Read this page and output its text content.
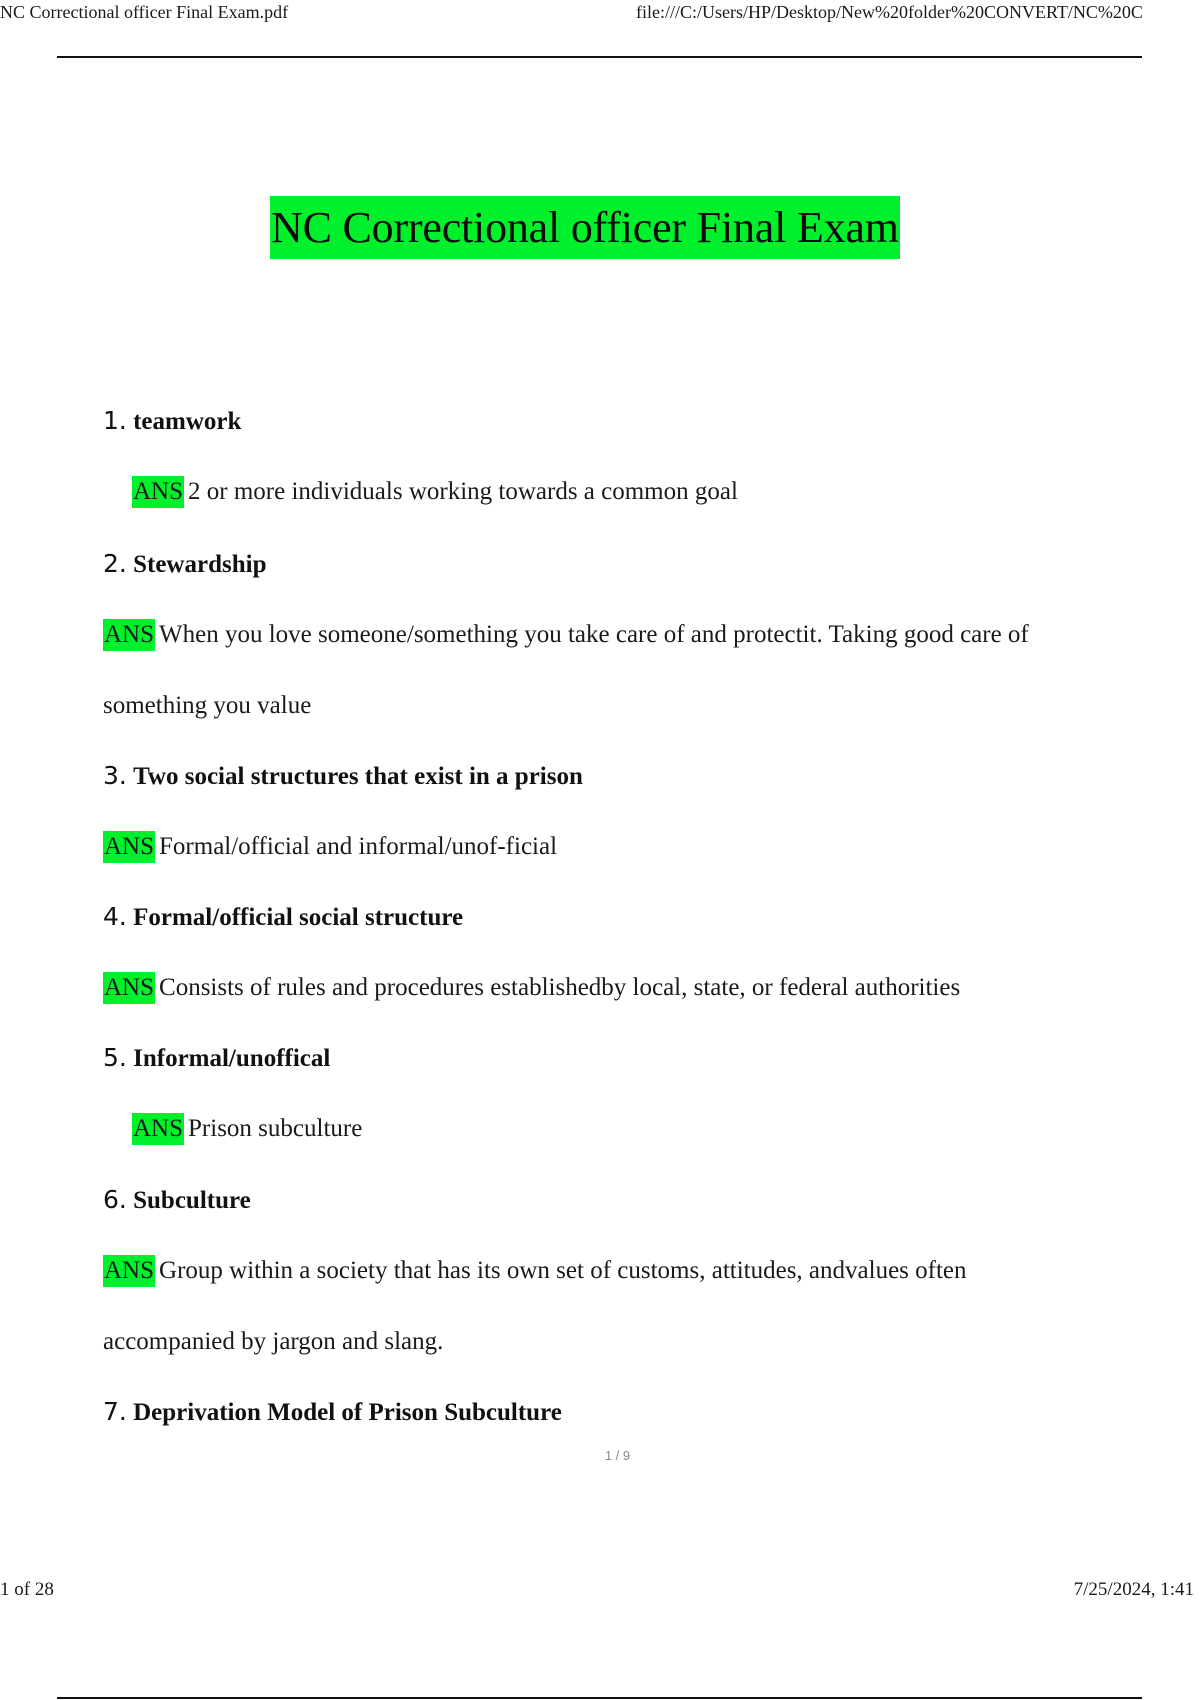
NC Correctional officer Final Exam.pdf	file:///C:/Users/HP/Desktop/New%20folder%20CONVERT/NC%20C
NC Correctional officer Final Exam
1. teamwork
ANS 2 or more individuals working towards a common goal
2. Stewardship
ANS When you love someone/something you take care of and protectit. Taking good care of
something you value
3. Two social structures that exist in a prison
ANS Formal/official and informal/unof-ficial
4. Formal/official social structure
ANS Consists of rules and procedures establishedby local, state, or federal authorities
5. Informal/unoffical
ANS Prison subculture
6. Subculture
ANS Group within a society that has its own set of customs, attitudes, andvalues often
accompanied by jargon and slang.
7. Deprivation Model of Prison Subculture
1 / 9
1 of 28	7/25/2024, 1:41
